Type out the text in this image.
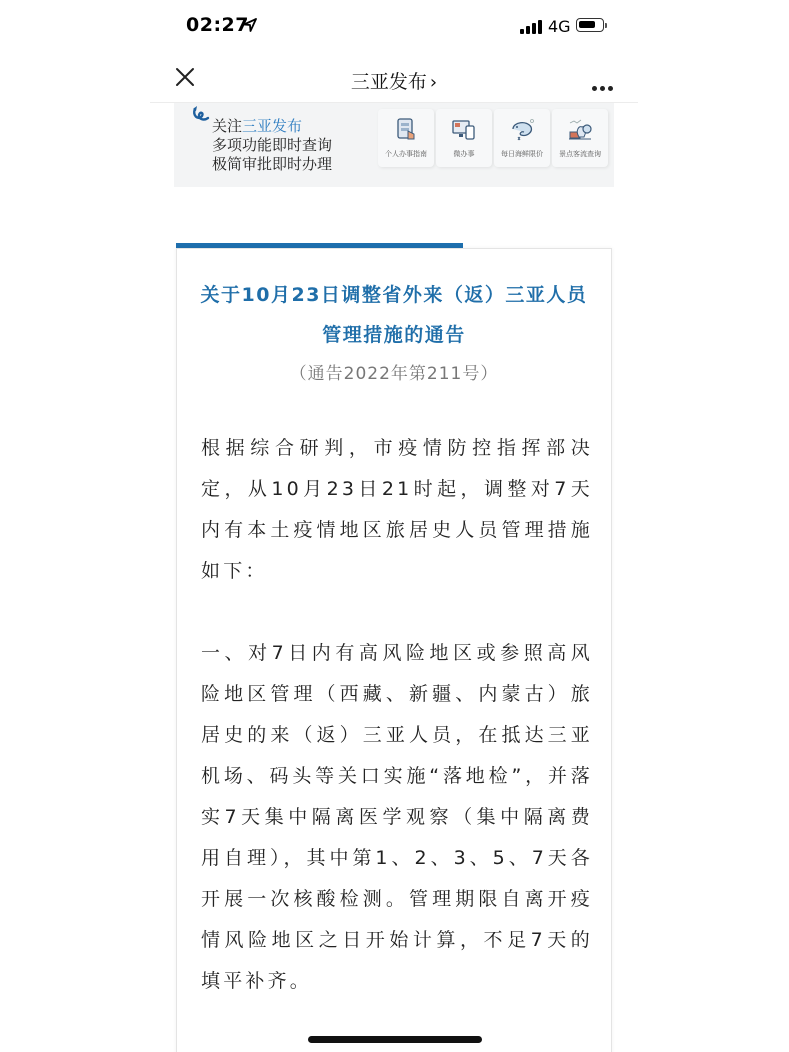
02:27	4G
三亚发布 ›
关注三亚发布
多项功能即时查询
极简审批即时办理
个人办事指南	微办事	每日海鲜限价 景点客流查询
关于10月23日调整省外来（返）三亚人员管理措施的通告
（通告2022年第211号）
根据综合研判，市疫情防控指挥部决定，从10月23日21时起，调整对7天内有本土疫情地区旅居史人员管理措施如下：
一、对7日内有高风险地区或参照高风险地区管理（西藏、新疆、内蒙古）旅居史的来（返）三亚人员，在抵达三亚机场、码头等关口实施“落地检”，并落实7天集中隔离医学观察（集中隔离费用自理），其中第1、2、3、5、7天各开展一次核酸检测。管理期限自离开疫情风险地区之日开始计算，不足7天的填平补齐。
